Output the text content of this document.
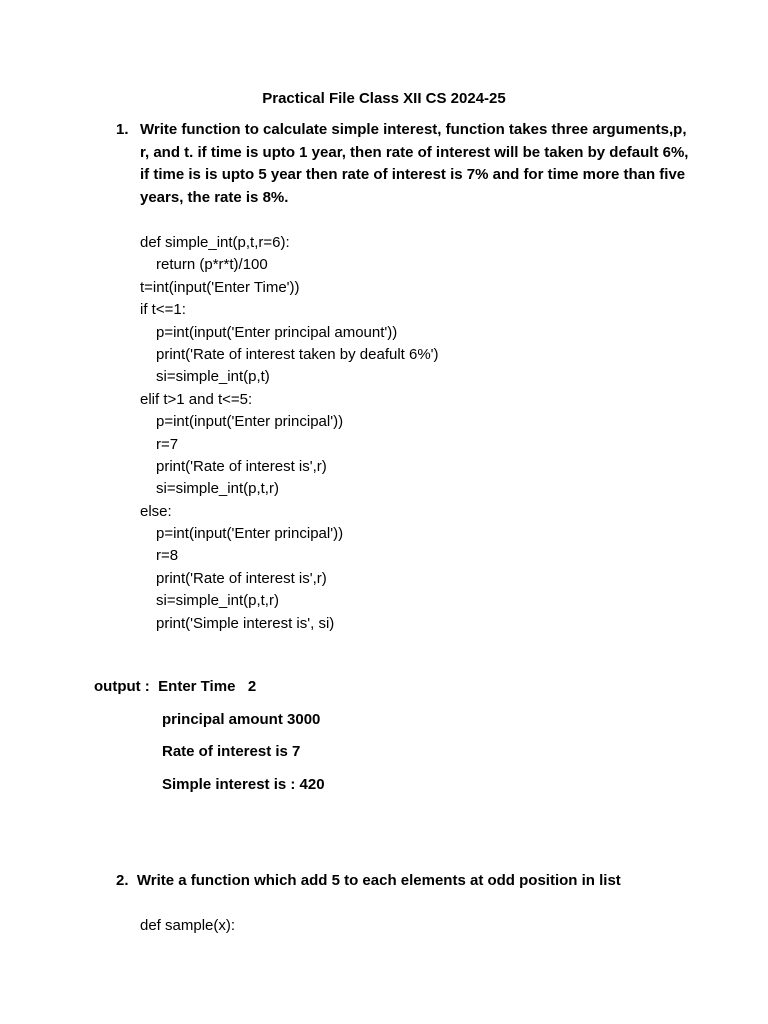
Practical File Class XII CS 2024-25
1. Write function to calculate simple interest, function takes three arguments,p, r, and t. if time is upto 1 year, then rate of interest will be taken by default 6%, if time is is upto 5 year then rate of interest is 7% and for time more than five years, the rate is 8%.
def simple_int(p,t,r=6):
return (p*r*t)/100
t=int(input('Enter Time'))
if t<=1:
p=int(input('Enter principal amount'))
print('Rate of interest taken by deafult 6%')
si=simple_int(p,t)
elif t>1 and t<=5:
p=int(input('Enter principal'))
r=7
print('Rate of interest is',r)
si=simple_int(p,t,r)
else:
p=int(input('Enter principal'))
r=8
print('Rate of interest is',r)
si=simple_int(p,t,r)
print('Simple interest is', si)
output : Enter Time   2
principal amount 3000
Rate of interest is 7
Simple interest is : 420
2. Write a function which add 5 to each elements at odd position in list
def sample(x):
